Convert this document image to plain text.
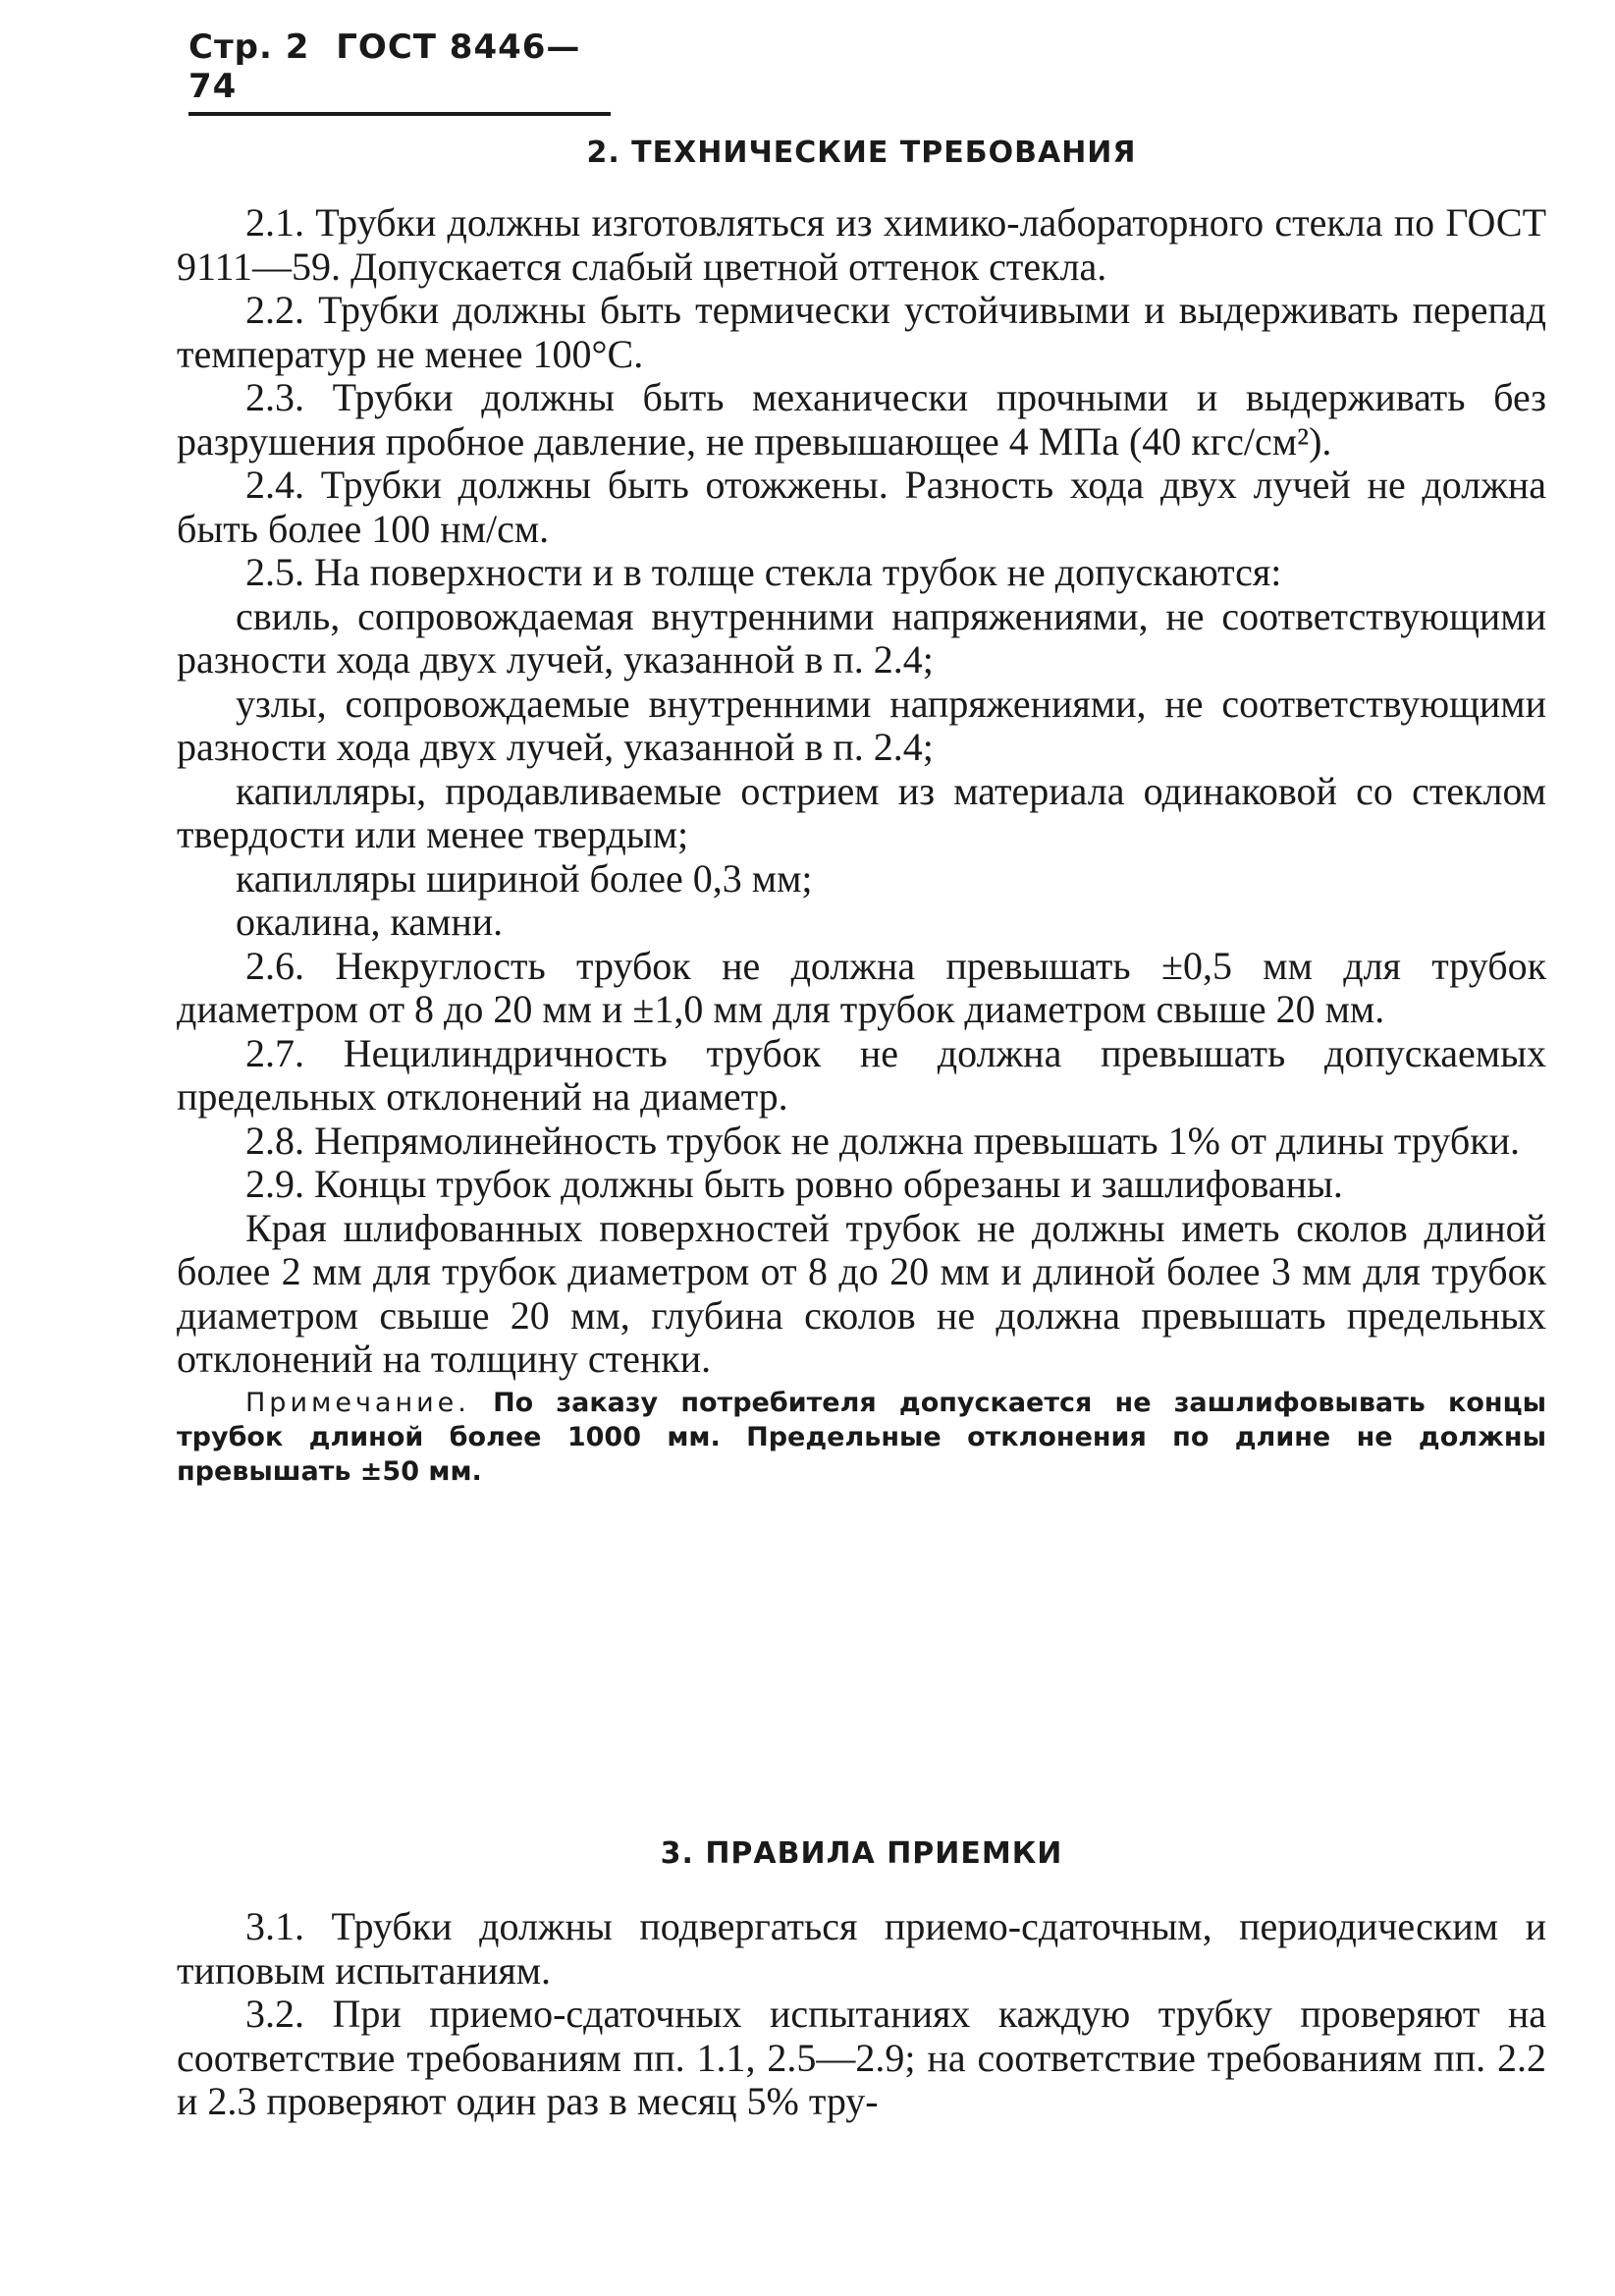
Стр. 2 ГОСТ 8446—74
2. ТЕХНИЧЕСКИЕ ТРЕБОВАНИЯ

2.1. Трубки должны изготовляться из химико-лабораторного стекла по ГОСТ 9111—59. Допускается слабый цветной оттенок стекла.

2.2. Трубки должны быть термически устойчивыми и выдерживать перепад температур не менее 100°С.

2.3. Трубки должны быть механически прочными и выдерживать без разрушения пробное давление, не превышающее 4 МПа (40 кгс/см²).

2.4. Трубки должны быть отожжены. Разность хода двух лучей не должна быть более 100 нм/см.

2.5. На поверхности и в толще стекла трубок не допускаются:

свиль, сопровождаемая внутренними напряжениями, не соответствующими разности хода двух лучей, указанной в п. 2.4;

узлы, сопровождаемые внутренними напряжениями, не соответствующими разности хода двух лучей, указанной в п. 2.4;

капилляры, продавливаемые острием из материала одинаковой со стеклом твердости или менее твердым;

капилляры шириной более 0,3 мм;

окалина, камни.

2.6. Некруглость трубок не должна превышать ±0,5 мм для трубок диаметром от 8 до 20 мм и ±1,0 мм для трубок диаметром свыше 20 мм.

2.7. Нецилиндричность трубок не должна превышать допускаемых предельных отклонений на диаметр.

2.8. Непрямолинейность трубок не должна превышать 1% от длины трубки.

2.9. Концы трубок должны быть ровно обрезаны и зашлифованы.

Края шлифованных поверхностей трубок не должны иметь сколов длиной более 2 мм для трубок диаметром от 8 до 20 мм и длиной более 3 мм для трубок диаметром свыше 20 мм, глубина сколов не должна превышать предельных отклонений на толщину стенки.

Примечание. По заказу потребителя допускается не зашлифовывать концы трубок длиной более 1000 мм. Предельные отклонения по длине не должны превышать ±50 мм.

3. ПРАВИЛА ПРИЕМКИ

3.1. Трубки должны подвергаться приемо-сдаточным, периодическим и типовым испытаниям.

3.2. При приемо-сдаточных испытаниях каждую трубку проверяют на соответствие требованиям пп. 1.1, 2.5—2.9; на соответствие требованиям пп. 2.2 и 2.3 проверяют один раз в месяц 5% тру-
